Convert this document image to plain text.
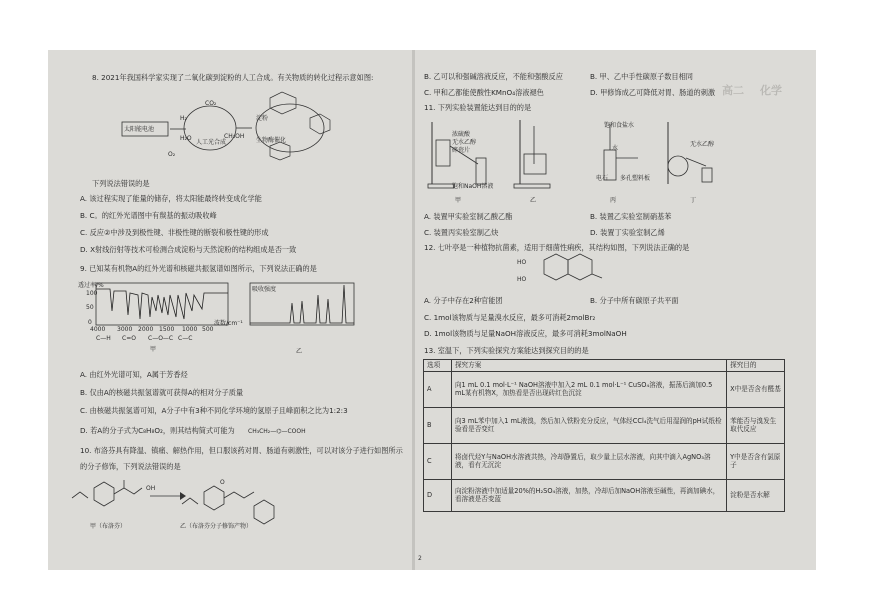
高二 化学
8. 2021年我国科学家实现了二氧化碳到淀粉的人工合成。有关物质的转化过程示意如图:
太阳能电池
CO₂
H₂
H₂O
O₂
CH₃OH
人工光合成	生物酶催化
淀粉
下列说法错误的是
A. 该过程实现了能量的储存，将太阳能最终转变成化学能
B. C。的红外光谱图中有羰基的振动吸收峰
C. 反应②中涉及到极性键、非极性键的断裂和极性键的形成
D. X射线衍射等技术可检测合成淀粉与天然淀粉的结构组成是否一致
9. 已知某有机物A的红外光谱和核磁共振氢谱如图所示，下列说法正确的是
透过率/%
100
50
0
4000 3000 2000 1500 1000 500
波数/cm⁻¹
C—H C=O C—O—C C—C
甲
吸收强度
乙
A. 由红外光谱可知，A属于芳香烃
B. 仅由A的核磁共振氢谱就可获得A的相对分子质量
C. 由核磁共振氢谱可知，A分子中有3种不同化学环境的氢原子且峰面积之比为1:2:3
D. 若A的分子式为C₈H₈O₂，则其结构简式可能为 CH₃CH₂—⌬—COOH
10. 布洛芬具有降温、镇痛、解热作用，但口服该药对胃、肠道有刺激性，可以对该分子进行如图所示
的分子修饰，下列说法错误的是
OH
O
甲（布洛芬）	乙（布洛芬分子修饰产物）
B. 乙可以和强碱溶液反应，不能和强酸反应	B. 甲、乙中手性碳原子数目相同
C. 甲和乙都能使酸性KMnO₄溶液褪色	D. 甲修饰成乙可降低对胃、肠道的刺激
11. 下列实验装置能达到目的的是
浓硫酸
无水乙醇
碎瓷片
饱和NaOH溶液
饱和食盐水
电石
水
多孔塑料板
无水乙醇
甲	乙	丙	丁
A. 装置甲实验室制乙酸乙酯	B. 装置乙实验室制硝基苯
C. 装置丙实验室制乙炔	D. 装置丁实验室制乙烯
12. 七叶亭是一种植物抗菌素，适用于细菌性痢疾，其结构如图，下列说法正确的是
HO
HO
A. 分子中存在2种官能团	B. 分子中所有碳原子共平面
C. 1mol该物质与足量溴水反应，最多可消耗2molBr₂
D. 1mol该物质与足量NaOH溶液反应，最多可消耗3molNaOH
13. 室温下，下列实验探究方案能达到探究目的的是
选项	探究方案	探究目的
A	向1 mL 0.1 mol·L⁻¹ NaOH溶液中加入2 mL 0.1 mol·L⁻¹ CuSO₄溶液，振荡后滴加0.5 mL某有机物X，加热看是否出现砖红色沉淀	X中是否含有醛基
B	向3 mL苯中加入1 mL液溴，然后加入铁粉充分反应，气体经CCl₄洗气后用湿润的pH试纸检验看是否变红	苯能否与溴发生取代反应
C	将卤代烃Y与NaOH水溶液共热，冷却静置后，取少量上层水溶液，向其中滴入AgNO₃溶液，看有无沉淀	Y中是否含有氯原子
D	向淀粉溶液中加适量20%的H₂SO₄溶液，加热，冷却后加NaOH溶液至碱性，再滴加碘水，看溶液是否变蓝	淀粉是否水解
2
